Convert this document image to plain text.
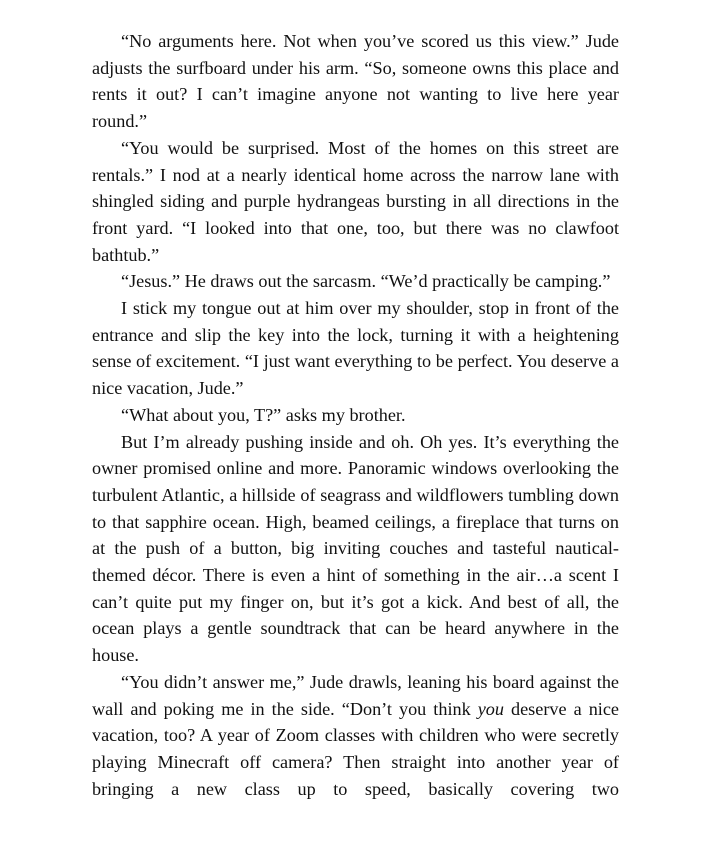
“No arguments here. Not when you’ve scored us this view.” Jude adjusts the surfboard under his arm. “So, someone owns this place and rents it out? I can’t imagine anyone not wanting to live here year round.”

“You would be surprised. Most of the homes on this street are rentals.” I nod at a nearly identical home across the narrow lane with shingled siding and purple hydrangeas bursting in all directions in the front yard. “I looked into that one, too, but there was no clawfoot bathtub.”

“Jesus.” He draws out the sarcasm. “We’d practically be camping.”

I stick my tongue out at him over my shoulder, stop in front of the entrance and slip the key into the lock, turning it with a heightening sense of excitement. “I just want everything to be perfect. You deserve a nice vacation, Jude.”

“What about you, T?” asks my brother.

But I’m already pushing inside and oh. Oh yes. It’s everything the owner promised online and more. Panoramic windows overlooking the turbulent Atlantic, a hillside of seagrass and wildflowers tumbling down to that sapphire ocean. High, beamed ceilings, a fireplace that turns on at the push of a button, big inviting couches and tasteful nautical-themed décor. There is even a hint of something in the air…a scent I can’t quite put my finger on, but it’s got a kick. And best of all, the ocean plays a gentle soundtrack that can be heard anywhere in the house.

“You didn’t answer me,” Jude drawls, leaning his board against the wall and poking me in the side. “Don’t you think you deserve a nice vacation, too? A year of Zoom classes with children who were secretly playing Minecraft off camera? Then straight into another year of bringing a new class up to speed, basically covering two
